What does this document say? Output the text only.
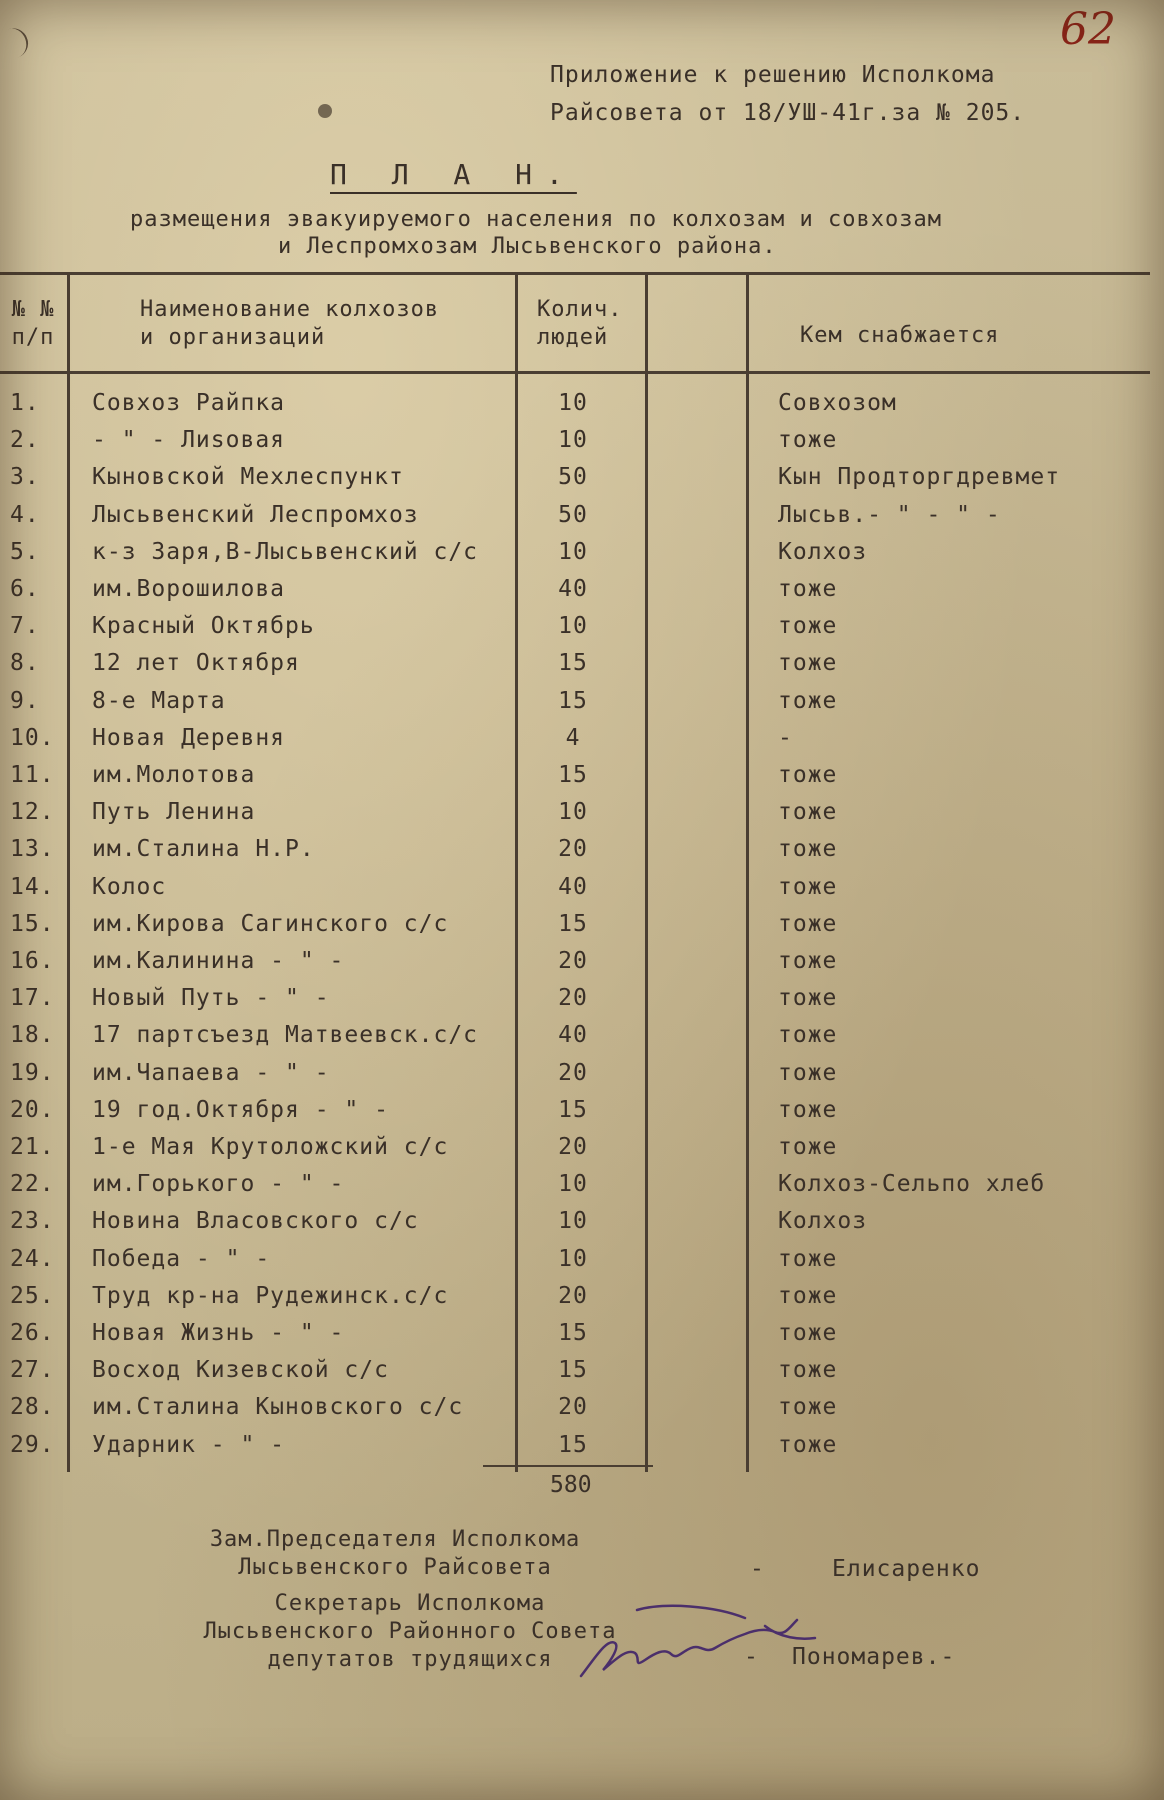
62
Приложение к решению Исполкома
Райсовета от 18/УШ-41г.за № 205.
П Л А Н.
размещения эвакуируемого населения по колхозам и совхозам
и Леспромхозам Лысьвенского района.
№ №
п/п
Наименование колхозов
и организаций
Колич.
людей	Кем снабжается
1. Совхоз Райпка	10	Совхозом
2. - " - Лиsовая	10	тоже
3. Кыновской Мехлеспункт	50	Кын Продторгдревмет
4. Лысьвенский Леспромхоз	50	Лысьв.- " - " -
5. к-з Заря,В-Лысьвенский с/с	10	Колхоз
6. им.Ворошилова	40	тоже
7. Красный Октябрь	10	тоже
8. 12 лет Октября	15	тоже
9. 8-е Марта	15	тоже
10. Новая Деревня	4	-
11. им.Молотова	15	тоже
12. Путь Ленина	10	тоже
13. им.Сталина Н.Р.	20	тоже
14. Колос	40	тоже
15. им.Кирова Сагинского с/с	15	тоже
16. им.Калинина - " -	20	тоже
17. Новый Путь - " -	20	тоже
18. 17 партсъезд Матвеевск.с/с	40	тоже
19. им.Чапаева - " -	20	тоже
20. 19 год.Октября - " -	15	тоже
21. 1-е Мая Крутоложский с/с	20	тоже
22. им.Горького - " -	10	Колхоз-Сельпо хлеб
23. Новина Власовского с/с	10	Колхоз
24. Победа - " -	10	тоже
25. Труд кр-на Рудежинск.с/с	20	тоже
26. Новая Жизнь - " -	15	тоже
27. Восход Кизевской с/с	15	тоже
28. им.Сталина Кыновского с/с	20	тоже
29. Ударник - " -	15	тоже
580
Зам.Председателя Исполкома
Лысьвенского Райсовета	-	Елисаренко
Секретарь Исполкома
Лысьвенского Районного Совета
депутатов трудящихся	- Пономарев.-
